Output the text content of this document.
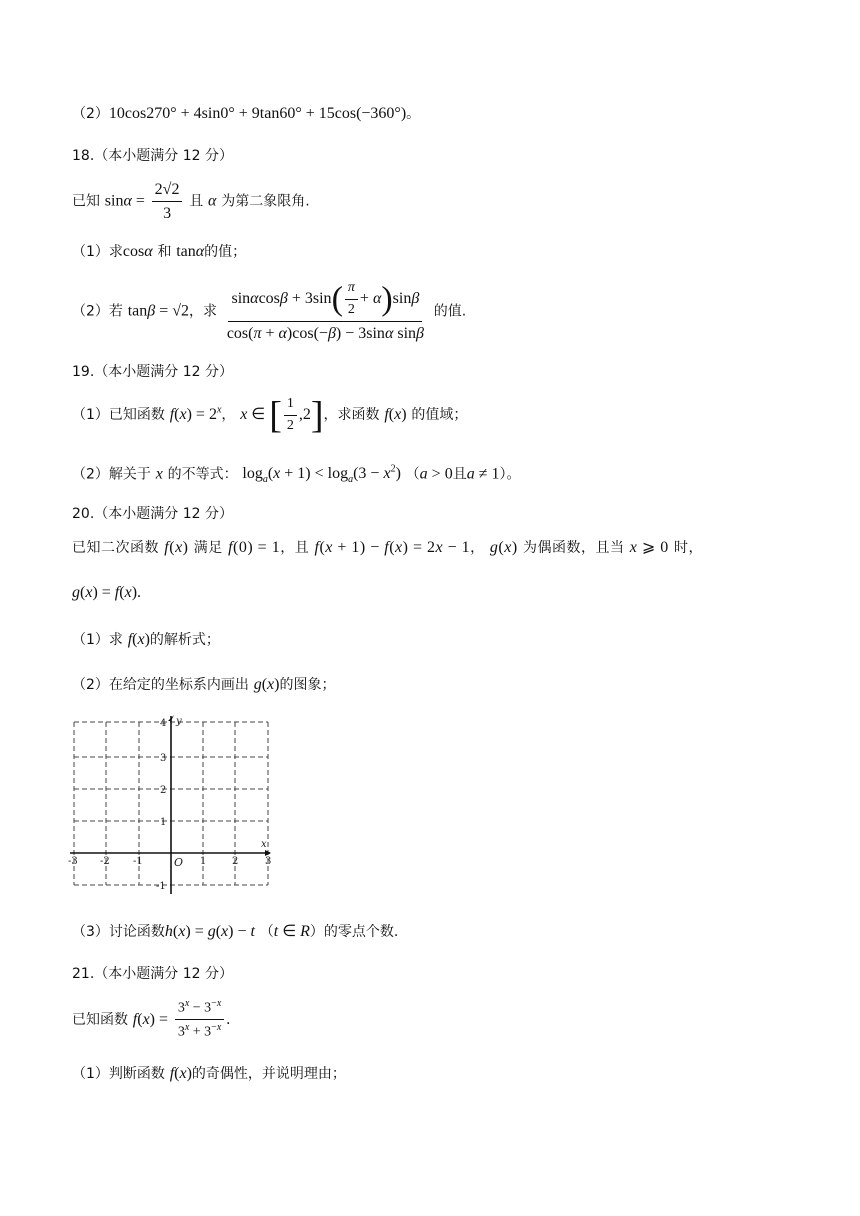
（2）10cos270° + 4sin0° + 9tan60° + 15cos(−360°)。
18.（本小题满分 12 分）
已知 $\sin\alpha = \frac{2√2}{3}$ 且 α 为第二象限角.
（1）求cosα 和 tanα的值；
（2）若 tanβ = √2，求 $\frac{\sin\alpha\cos\beta + 3\sin( \frac{\pi}{2} + \alpha)\sin\beta}{\text{cos(π + α)cos(−β) − 3sinα sinβ}}$ 的值.
19.（本小题满分 12 分）
（1）已知函数 $f(x) = 2^x$， x ∈ [ $\frac{1}{2} ,2$]，求函数 f(x) 的值域；
（2）解关于 x 的不等式： $\log_a(x + 1) < \log_a(3 - x^2) (a > 0$且a ≠ 1）。
20.（本小题满分 12 分）
已知二次函数 f(x) 满足 f(0) = 1，且 f(x + 1) − f(x) = 2x − 1， g(x) 为偶函数，且当 x ⩾ 0 时，
g(x) = f(x).
（1）求 f(x)的解析式；
（2）在给定的坐标系内画出 g(x)的图象；
y
x
4
3
2
1
-1
-3 -2 -1	O 1	2	3
（3）讨论函数h(x) = g(x) − t （t ∈ R）的零点个数.
21.（本小题满分 12 分）
已知函数 $f(x) = \frac{3^x - 3^{-x}}{3^x + 3^{-x}}$ .
（1）判断函数 f(x)的奇偶性，并说明理由；
